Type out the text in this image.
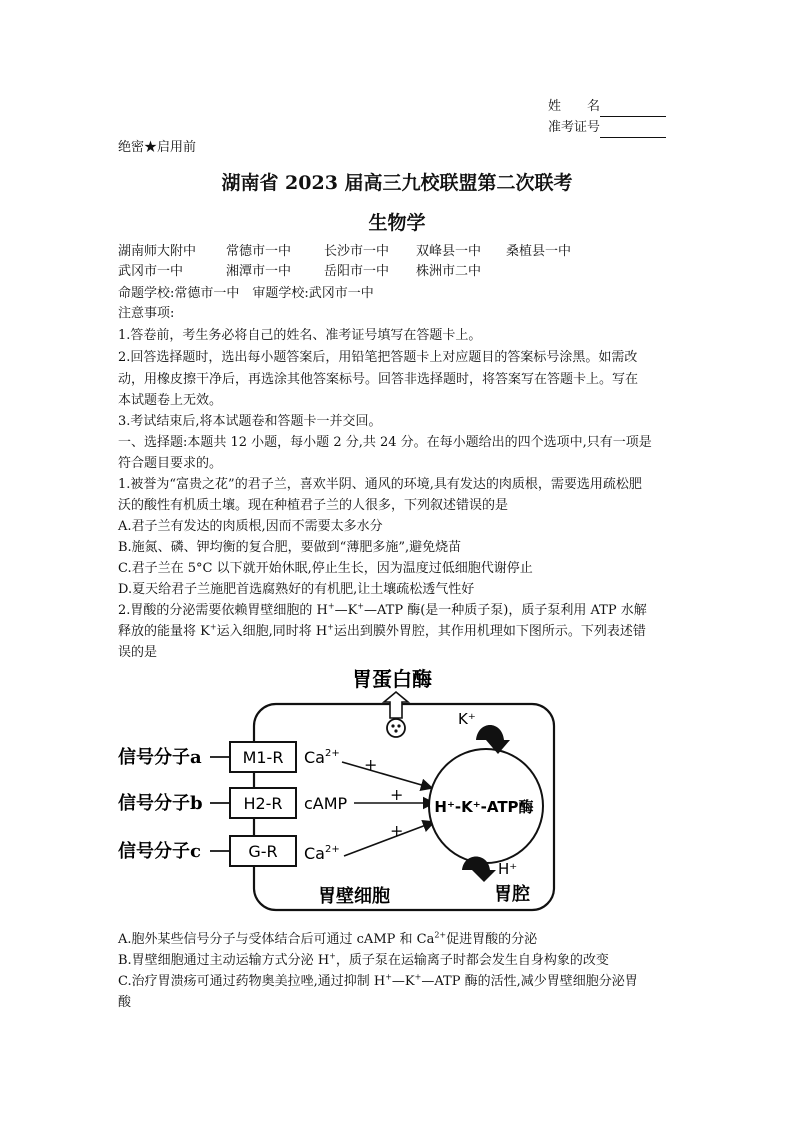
姓　　名
准考证号
绝密★启用前
湖南省 2023 届高三九校联盟第二次联考
生物学
湖南师大附中 常德市一中	长沙市一中 双峰县一中 桑植县一中
武冈市一中	湘潭市一中	岳阳市一中 株洲市二中
命题学校:常德市一中　审题学校:武冈市一中
注意事项:
1.答卷前，考生务必将自己的姓名、准考证号填写在答题卡上。
2.回答选择题时，选出每小题答案后，用铅笔把答题卡上对应题目的答案标号涂黑。如需改
动，用橡皮擦干净后，再选涂其他答案标号。回答非选择题时，将答案写在答题卡上。写在
本试题卷上无效。
3.考试结束后,将本试题卷和答题卡一并交回。
一、选择题:本题共 12 小题，每小题 2 分,共 24 分。在每小题给出的四个选项中,只有一项是
符合题目要求的。
1.被誉为“富贵之花”的君子兰，喜欢半阴、通风的环境,具有发达的肉质根，需要选用疏松肥
沃的酸性有机质土壤。现在种植君子兰的人很多，下列叙述错误的是
A.君子兰有发达的肉质根,因而不需要太多水分
B.施氮、磷、钾均衡的复合肥，要做到“薄肥多施”,避免烧苗
C.君子兰在 5°C 以下就开始休眠,停止生长，因为温度过低细胞代谢停止
D.夏天给君子兰施肥首选腐熟好的有机肥,让土壤疏松透气性好
2.胃酸的分泌需要依赖胃壁细胞的 H+—K+—ATP 酶(是一种质子泵)，质子泵利用 ATP 水解
释放的能量将 K+运入细胞,同时将 H+运出到膜外胃腔，其作用机理如下图所示。下列表述错
误的是
胃蛋白酶
M1-R
H2-R
G-R
信号分子a
信号分子b
信号分子c
$Ca^{2+}$
cAMP
$Ca^{2+}$
+
+
+
H⁺-K⁺-ATP酶
K⁺
H⁺
胃壁细胞	胃腔
A.胞外某些信号分子与受体结合后可通过 cAMP 和 $Ca^{2+}$促进胃酸的分泌
B.胃壁细胞通过主动运输方式分泌 H+，质子泵在运输离子时都会发生自身构象的改变
C.治疗胃溃疡可通过药物奥美拉唑,通过抑制 H+—K+—ATP 酶的活性,减少胃壁细胞分泌胃
酸
